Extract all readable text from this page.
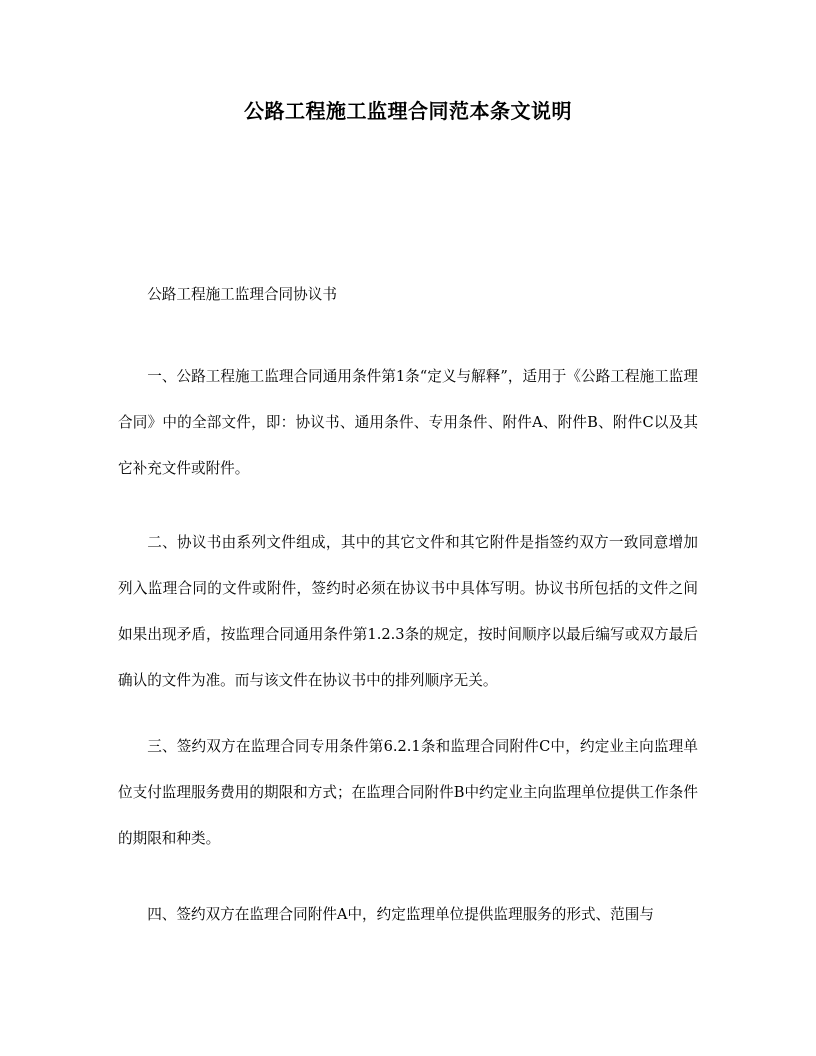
公路工程施工监理合同范本条文说明

公路工程施工监理合同协议书

一、公路工程施工监理合同通用条件第1条“定义与解释”，适用于《公路工程施工监理合同》中的全部文件，即：协议书、通用条件、专用条件、附件A、附件B、附件C以及其它补充文件或附件。

二、协议书由系列文件组成，其中的其它文件和其它附件是指签约双方一致同意增加列入监理合同的文件或附件，签约时必须在协议书中具体写明。协议书所包括的文件之间如果出现矛盾，按监理合同通用条件第1.2.3条的规定，按时间顺序以最后编写或双方最后确认的文件为准。而与该文件在协议书中的排列顺序无关。

三、签约双方在监理合同专用条件第6.2.1条和监理合同附件C中，约定业主向监理单位支付监理服务费用的期限和方式；在监理合同附件B中约定业主向监理单位提供工作条件的期限和种类。

四、签约双方在监理合同附件A中，约定监理单位提供监理服务的形式、范围与
